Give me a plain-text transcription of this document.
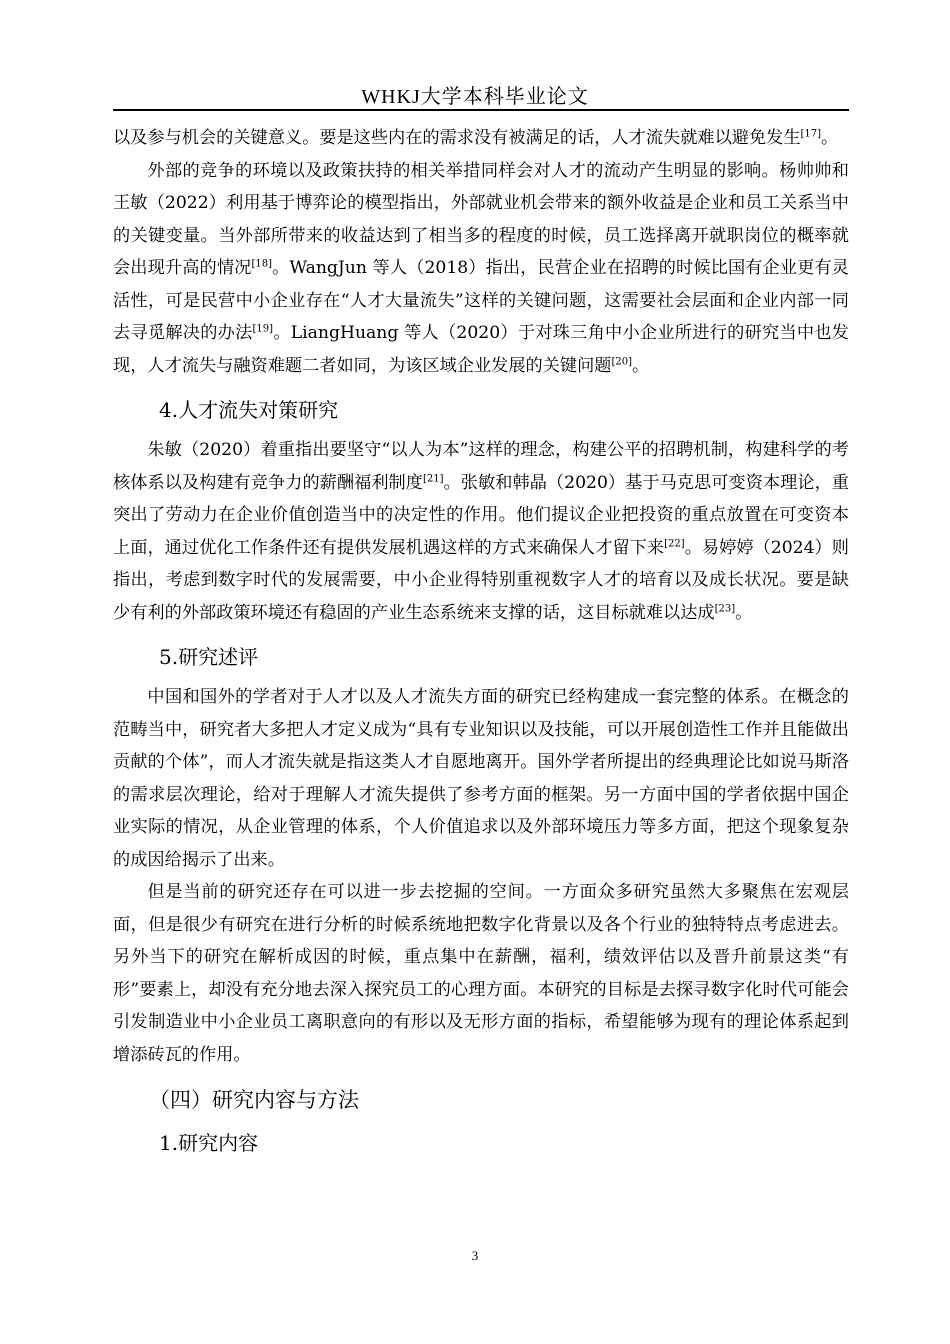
WHKJ大学本科毕业论文

以及参与机会的关键意义。要是这些内在的需求没有被满足的话，人才流失就难以避免发生[17]。

外部的竞争的环境以及政策扶持的相关举措同样会对人才的流动产生明显的影响。杨帅帅和王敏（2022）利用基于博弈论的模型指出，外部就业机会带来的额外收益是企业和员工关系当中的关键变量。当外部所带来的收益达到了相当多的程度的时候，员工选择离开就职岗位的概率就会出现升高的情况[18]。WangJun 等人（2018）指出，民营企业在招聘的时候比国有企业更有灵活性，可是民营中小企业存在“人才大量流失”这样的关键问题，这需要社会层面和企业内部一同去寻觅解决的办法[19]。LiangHuang 等人（2020）于对珠三角中小企业所进行的研究当中也发现，人才流失与融资难题二者如同，为该区域企业发展的关键问题[20]。

4.人才流失对策研究

朱敏（2020）着重指出要坚守“以人为本”这样的理念，构建公平的招聘机制，构建科学的考核体系以及构建有竞争力的薪酬福利制度[21]。张敏和韩晶（2020）基于马克思可变资本理论，重突出了劳动力在企业价值创造当中的决定性的作用。他们提议企业把投资的重点放置在可变资本上面，通过优化工作条件还有提供发展机遇这样的方式来确保人才留下来[22]。易婷婷（2024）则指出，考虑到数字时代的发展需要，中小企业得特别重视数字人才的培育以及成长状况。要是缺少有利的外部政策环境还有稳固的产业生态系统来支撑的话，这目标就难以达成[23]。

5.研究述评

中国和国外的学者对于人才以及人才流失方面的研究已经构建成一套完整的体系。在概念的范畴当中，研究者大多把人才定义成为“具有专业知识以及技能，可以开展创造性工作并且能做出贡献的个体”，而人才流失就是指这类人才自愿地离开。国外学者所提出的经典理论比如说马斯洛的需求层次理论，给对于理解人才流失提供了参考方面的框架。另一方面中国的学者依据中国企业实际的情况，从企业管理的体系，个人价值追求以及外部环境压力等多方面，把这个现象复杂的成因给揭示了出来。

但是当前的研究还存在可以进一步去挖掘的空间。一方面众多研究虽然大多聚焦在宏观层面，但是很少有研究在进行分析的时候系统地把数字化背景以及各个行业的独特特点考虑进去。另外当下的研究在解析成因的时候，重点集中在薪酬，福利，绩效评估以及晋升前景这类“有形”要素上，却没有充分地去深入探究员工的心理方面。本研究的目标是去探寻数字化时代可能会引发制造业中小企业员工离职意向的有形以及无形方面的指标，希望能够为现有的理论体系起到增添砖瓦的作用。

（四）研究内容与方法
1.研究内容
3
